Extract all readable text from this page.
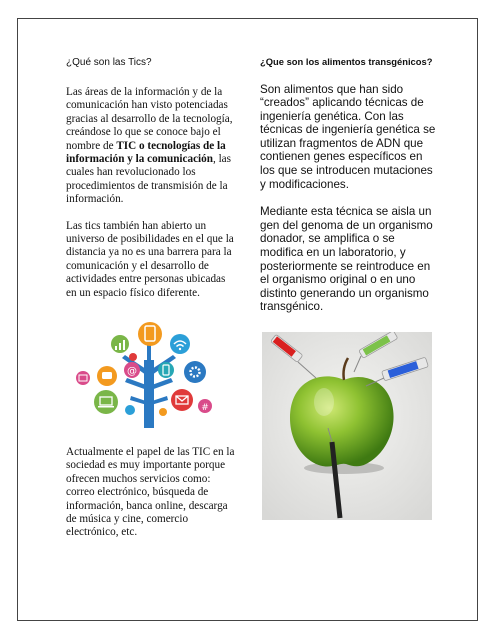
¿Qué son las Tics?

Las áreas de la información y de la comunicación han visto potenciadas gracias al desarrollo de la tecnología, creándose lo que se conoce bajo el nombre de TIC o tecnologías de la información y la comunicación, las cuales han revolucionado los procedimientos de transmisión de la información.

Las tics también han abierto un universo de posibilidades en el que la distancia ya no es una barrera para la comunicación y el desarrollo de actividades entre personas ubicadas en un espacio físico diferente.

@
#

Actualmente el papel de las TIC en la sociedad es muy importante porque ofrecen muchos servicios como: correo electrónico, búsqueda de información, banca online, descarga de música y cine, comercio electrónico, etc.

¿Que son los alimentos transgénicos?

Son alimentos que han sido “creados” aplicando técnicas de ingeniería genética. Con las técnicas de ingeniería genética se utilizan fragmentos de ADN que contienen genes específicos en los que se introducen mutaciones y modificaciones.

Mediante esta técnica se aisla un gen del genoma de un organismo donador, se amplifica o se modifica en un laboratorio, y posteriormente se reintroduce en el organismo original o en uno distinto generando un organismo transgénico.
